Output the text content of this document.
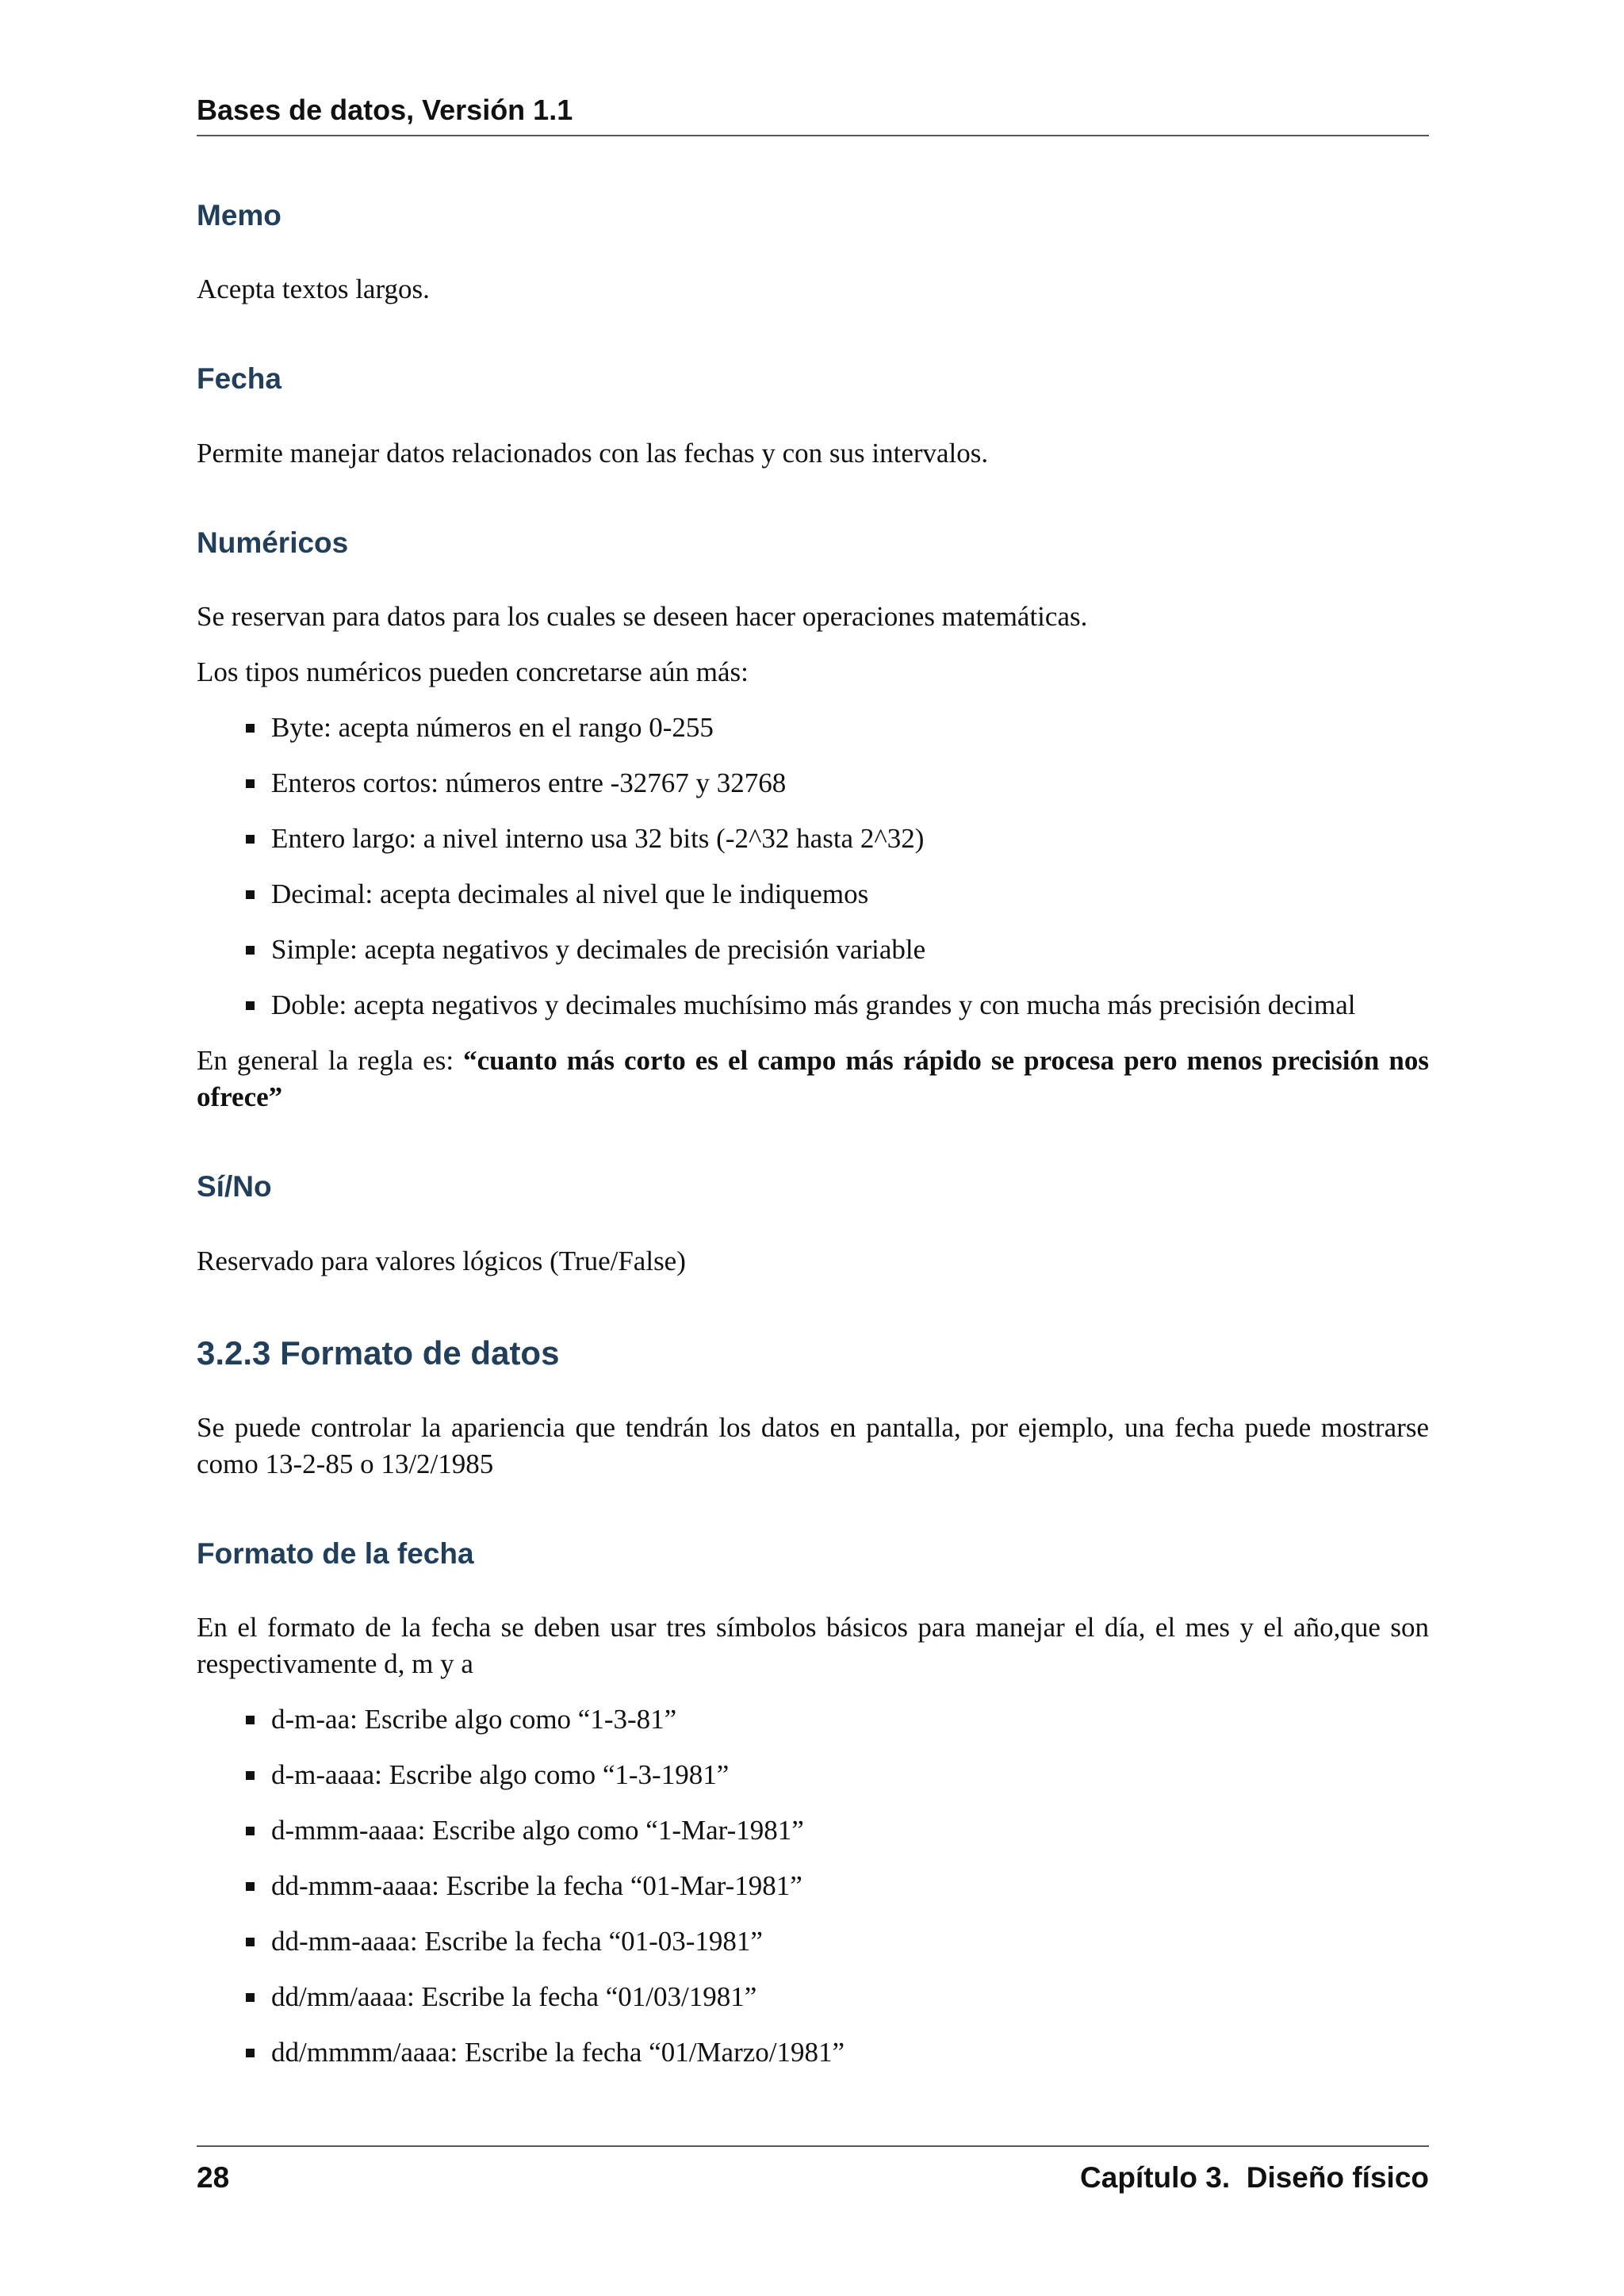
Bases de datos, Versión 1.1
Memo

Acepta textos largos.

Fecha

Permite manejar datos relacionados con las fechas y con sus intervalos.

Numéricos

Se reservan para datos para los cuales se deseen hacer operaciones matemáticas.

Los tipos numéricos pueden concretarse aún más:

Byte: acepta números en el rango 0-255
Enteros cortos: números entre -32767 y 32768
Entero largo: a nivel interno usa 32 bits (-2^32 hasta 2^32)
Decimal: acepta decimales al nivel que le indiquemos
Simple: acepta negativos y decimales de precisión variable
Doble: acepta negativos y decimales muchísimo más grandes y con mucha más precisión decimal

En general la regla es: “cuanto más corto es el campo más rápido se procesa pero menos precisión nos ofrece”

Sí/No

Reservado para valores lógicos (True/False)

3.2.3 Formato de datos

Se puede controlar la apariencia que tendrán los datos en pantalla, por ejemplo, una fecha puede mostrarse como 13-2-85 o 13/2/1985

Formato de la fecha

En el formato de la fecha se deben usar tres símbolos básicos para manejar el día, el mes y el año,que son respectivamente d, m y a

d-m-aa: Escribe algo como “1-3-81”
d-m-aaaa: Escribe algo como “1-3-1981”
d-mmm-aaaa: Escribe algo como “1-Mar-1981”
dd-mmm-aaaa: Escribe la fecha “01-Mar-1981”
dd-mm-aaaa: Escribe la fecha “01-03-1981”
dd/mm/aaaa: Escribe la fecha “01/03/1981”
dd/mmmm/aaaa: Escribe la fecha “01/Marzo/1981”
28	Capítulo 3.  Diseño físico
